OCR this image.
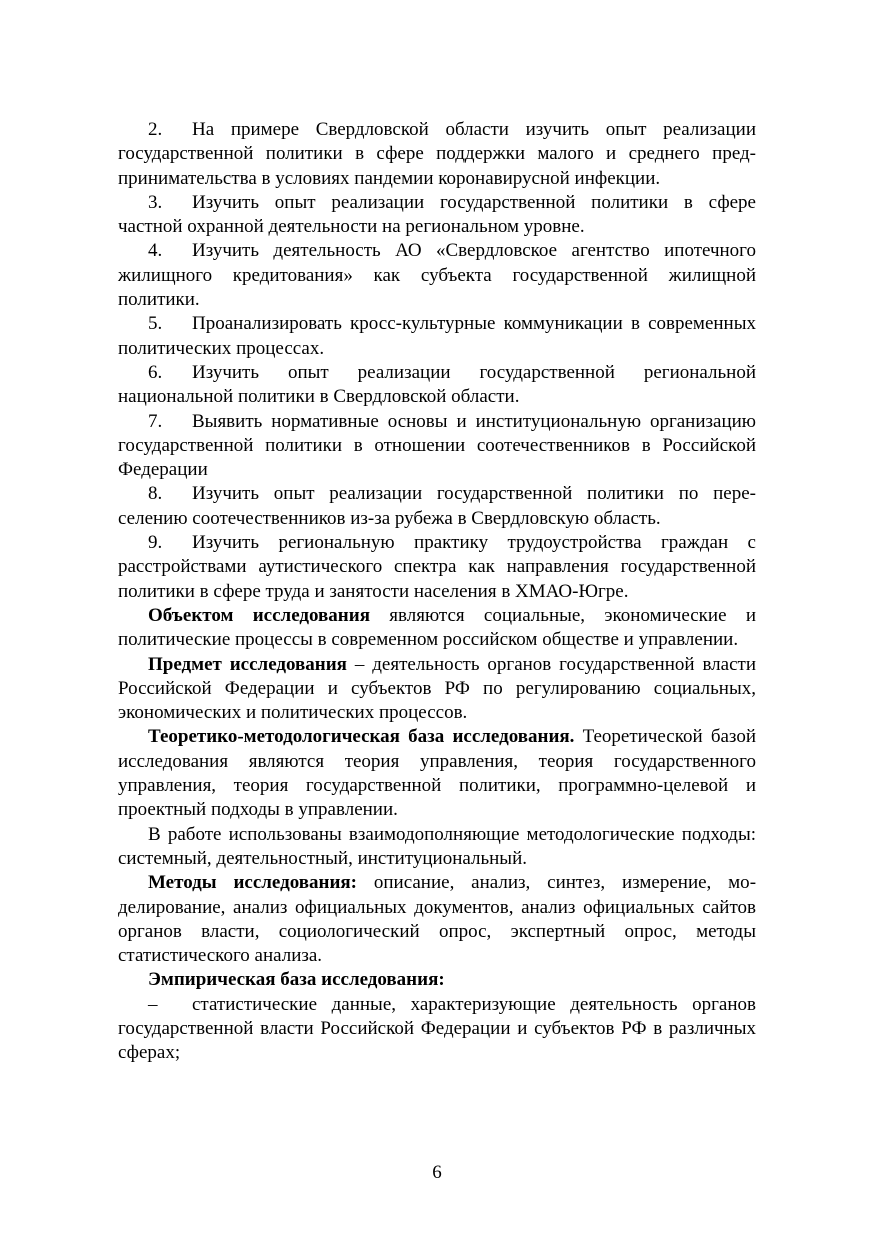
2. На примере Свердловской области изучить опыт реализации государственной политики в сфере поддержки малого и среднего предпринимательства в условиях пандемии коронавирусной инфекции.

3. Изучить опыт реализации государственной политики в сфере частной охранной деятельности на региональном уровне.

4. Изучить деятельность АО «Свердловское агентство ипотечного жилищного кредитования» как субъекта государственной жилищной политики.

5. Проанализировать кросс-культурные коммуникации в современных политических процессах.

6. Изучить опыт реализации государственной региональной национальной политики в Свердловской области.

7. Выявить нормативные основы и институциональную организацию государственной политики в отношении соотечественников в Российской Федерации

8. Изучить опыт реализации государственной политики по переселению соотечественников из-за рубежа в Свердловскую область.

9. Изучить региональную практику трудоустройства граждан с расстройствами аутистического спектра как направления государственной политики в сфере труда и занятости населения в ХМАО-Югре.

Объектом исследования являются социальные, экономические и политические процессы в современном российском обществе и управлении.

Предмет исследования – деятельность органов государственной власти Российской Федерации и субъектов РФ по регулированию социальных, экономических и политических процессов.

Теоретико-методологическая база исследования. Теоретической базой исследования являются теория управления, теория государственного управления, теория государственной политики, программно-целевой и проектный подходы в управлении.

В работе использованы взаимодополняющие методологические подходы: системный, деятельностный, институциональный.

Методы исследования: описание, анализ, синтез, измерение, моделирование, анализ официальных документов, анализ официальных сайтов органов власти, социологический опрос, экспертный опрос, методы статистического анализа.

Эмпирическая база исследования:

– статистические данные, характеризующие деятельность органов государственной власти Российской Федерации и субъектов РФ в различных сферах;

6
